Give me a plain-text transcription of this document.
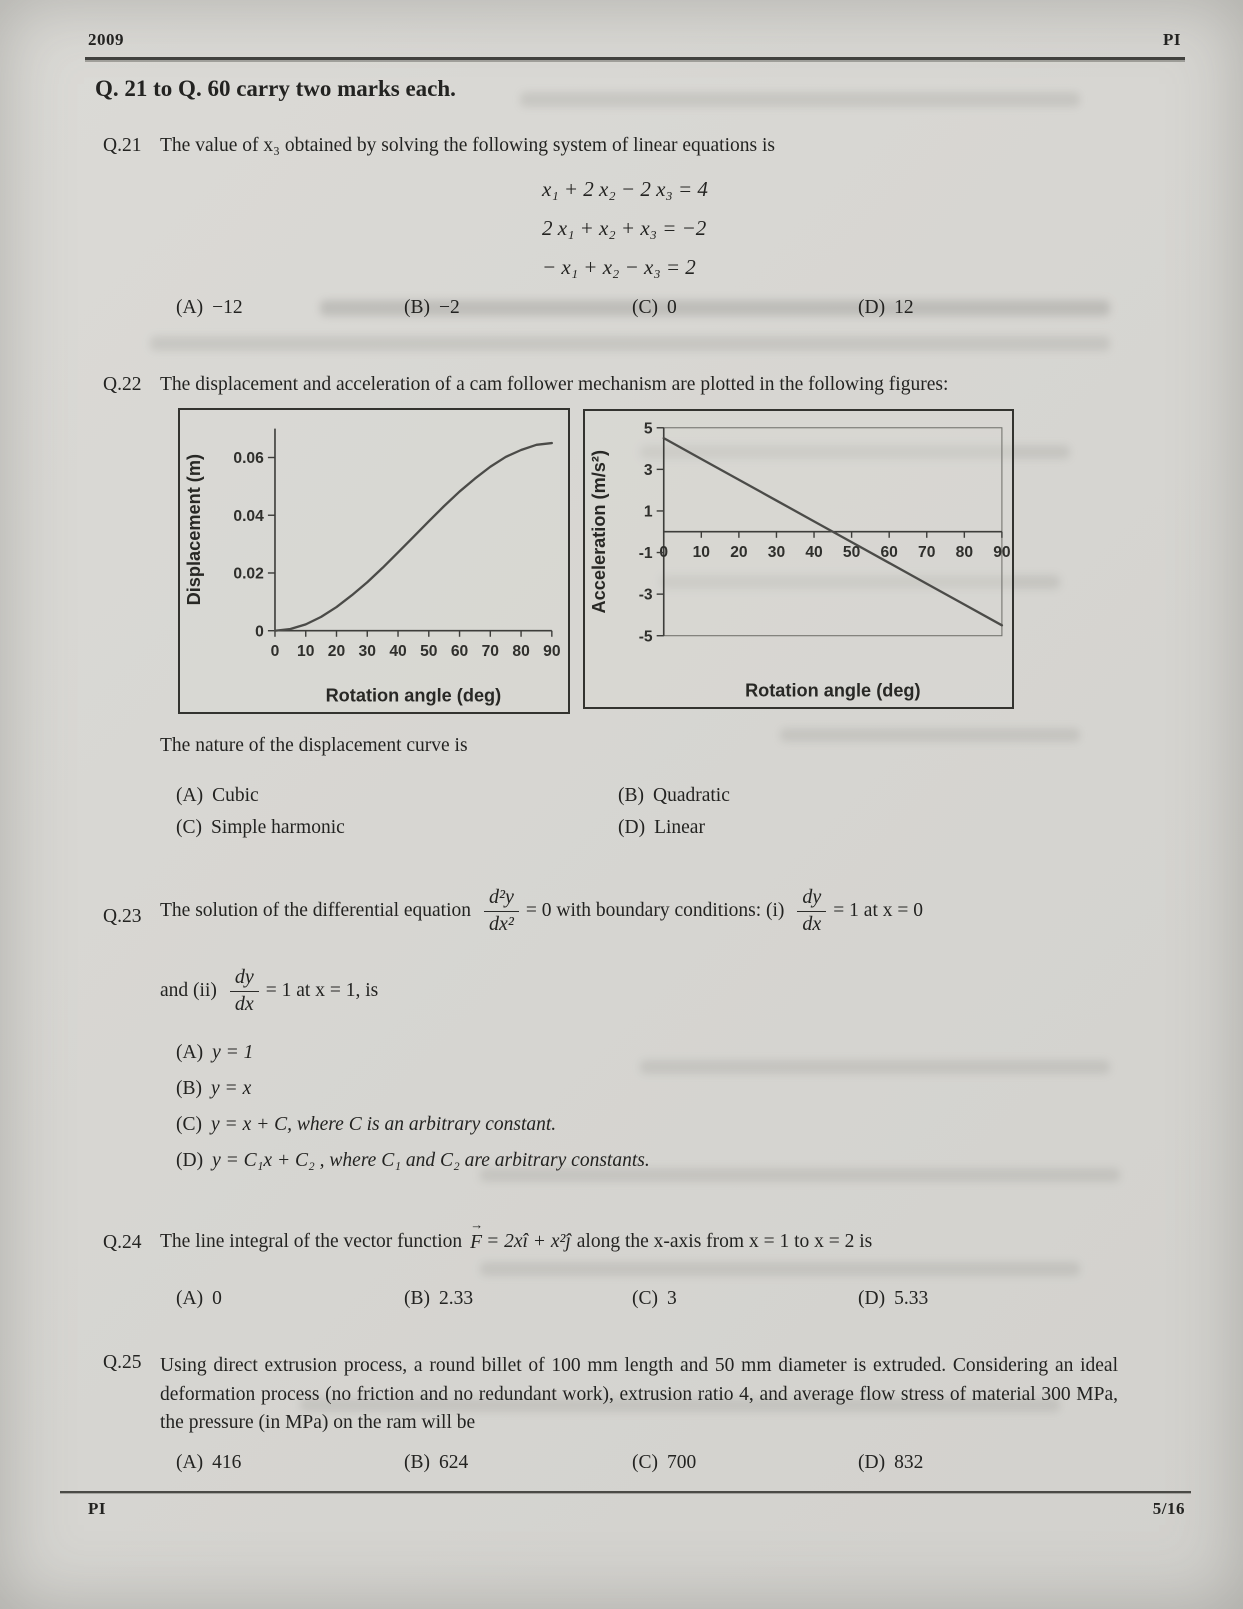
2009	PI
Q. 21 to Q. 60 carry two marks each.
Q.21 The value of x₃ obtained by solving the following system of linear equations is
x₁ + 2 x₂ − 2 x₃ = 4
2 x₁ + x₂ + x₃ = −2
− x₁ + x₂ − x₃ = 2
(A) −12	(B) −2	(C) 0	(D) 12
Q.22 The displacement and acceleration of a cam follower mechanism are plotted in the following figures:
0 10 20 30 40 50 60 70 80 90
0
0.02
0.04
0.06
Rotation angle (deg)
Displacement (m)	0 10 20 30 40 50 60 70 80 90
5
3
1
-1
-3
-5
Rotation angle (deg)
Acceleration (m/s²)
The nature of the displacement curve is
(A) Cubic	(B) Quadratic
(C) Simple harmonic	(D) Linear
Q.23 The solution of the differential equation $\frac{\text{d²y}}{\text{dx²}} = 0$ with boundary conditions: $(i) \frac{dy}{dx} = 1$ at x = 0
and $(ii) \frac{dy}{dx} = 1$ at x = 1, is
(A) y = 1
(B) y = x
(C) y = x + C, where C is an arbitrary constant.
(D) y = C₁x + C₂ , where C₁ and C₂ are arbitrary constants.
Q.24 The line integral of the vector function
→
F = 2xî + x²ĵ along the x-axis from x = 1 to x = 2 is
(A) 0	(B) 2.33	(C) 3	(D) 5.33
Q.25 Using direct extrusion process, a round billet of 100 mm length and 50 mm diameter is extruded. Considering an ideal deformation process (no friction and no redundant work), extrusion ratio 4, and average flow stress of material 300 MPa, the pressure (in MPa) on the ram will be
(A) 416	(B) 624	(C) 700	(D) 832
PI	5/16
